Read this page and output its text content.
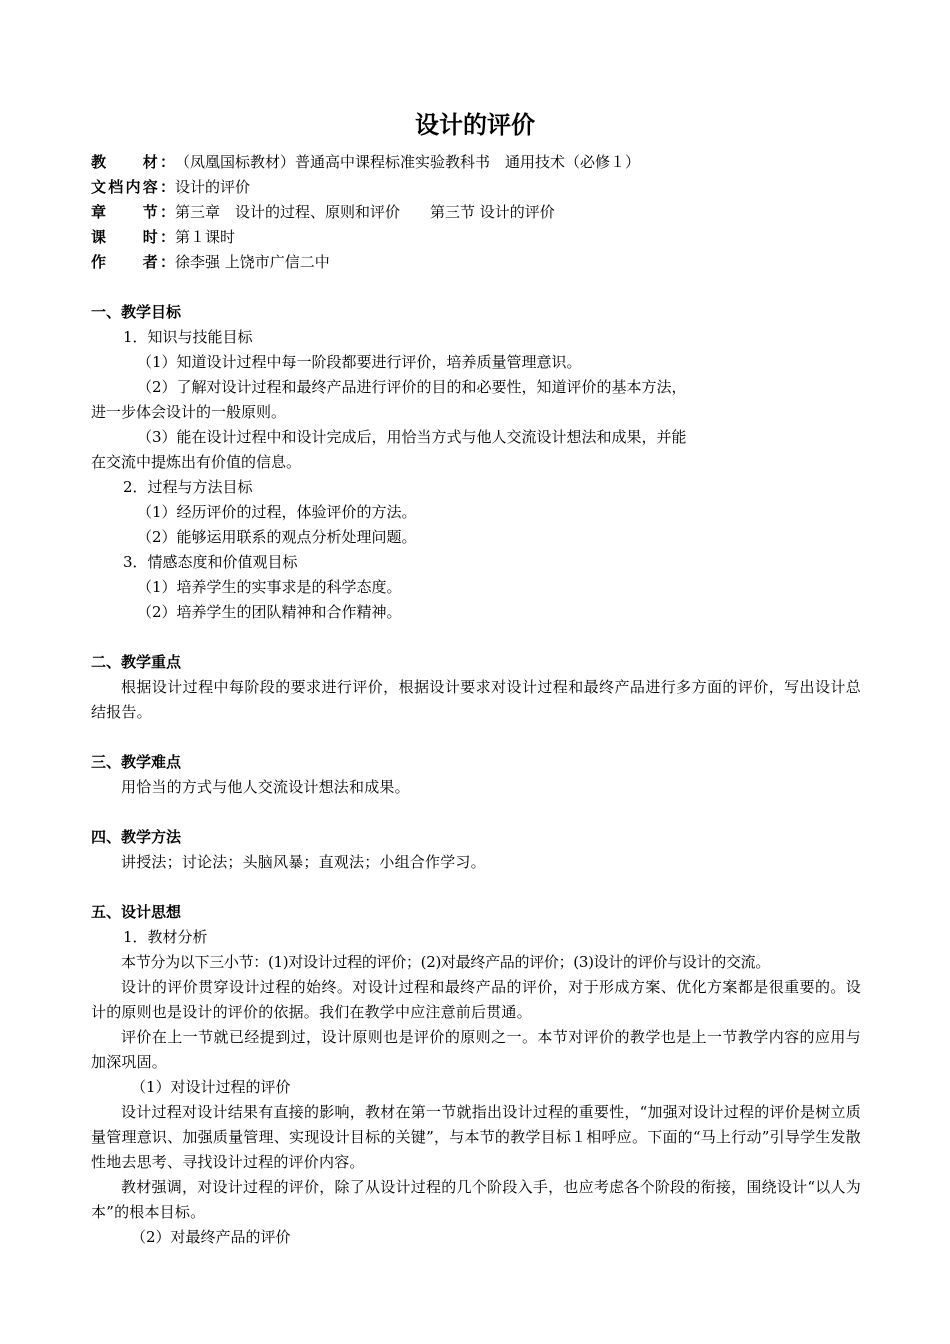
设计的评价
教　　材： （凤凰国标教材）普通高中课程标准实验教科书　通用技术（必修１）
文档内容： 设计的评价
章　　节： 第三章　设计的过程、原则和评价　　第三节 设计的评价
课　　时： 第１课时
作　　者： 徐李强 上饶市广信二中
一、教学目标
1．知识与技能目标
（1）知道设计过程中每一阶段都要进行评价，培养质量管理意识。
（2）了解对设计过程和最终产品进行评价的目的和必要性，知道评价的基本方法，
进一步体会设计的一般原则。
（3）能在设计过程中和设计完成后，用恰当方式与他人交流设计想法和成果，并能
在交流中提炼出有价值的信息。
2．过程与方法目标
（1）经历评价的过程，体验评价的方法。
（2）能够运用联系的观点分析处理问题。
3．情感态度和价值观目标
（1）培养学生的实事求是的科学态度。
（2）培养学生的团队精神和合作精神。
二、教学重点
根据设计过程中每阶段的要求进行评价，根据设计要求对设计过程和最终产品进行多方面的评价，写出设计总结报告。
三、教学难点
用恰当的方式与他人交流设计想法和成果。
四、教学方法
讲授法；讨论法；头脑风暴；直观法；小组合作学习。
五、设计思想
1．教材分析
本节分为以下三小节：(1)对设计过程的评价；(2)对最终产品的评价；(3)设计的评价与设计的交流。
设计的评价贯穿设计过程的始终。对设计过程和最终产品的评价，对于形成方案、优化方案都是很重要的。设计的原则也是设计的评价的依据。我们在教学中应注意前后贯通。
评价在上一节就已经提到过，设计原则也是评价的原则之一。本节对评价的教学也是上一节教学内容的应用与加深巩固。
（1）对设计过程的评价
设计过程对设计结果有直接的影响，教材在第一节就指出设计过程的重要性，“加强对设计过程的评价是树立质量管理意识、加强质量管理、实现设计目标的关键”，与本节的教学目标１相呼应。下面的“马上行动”引导学生发散性地去思考、寻找设计过程的评价内容。
教材强调，对设计过程的评价，除了从设计过程的几个阶段入手，也应考虑各个阶段的衔接，围绕设计“以人为本”的根本目标。
（2）对最终产品的评价
